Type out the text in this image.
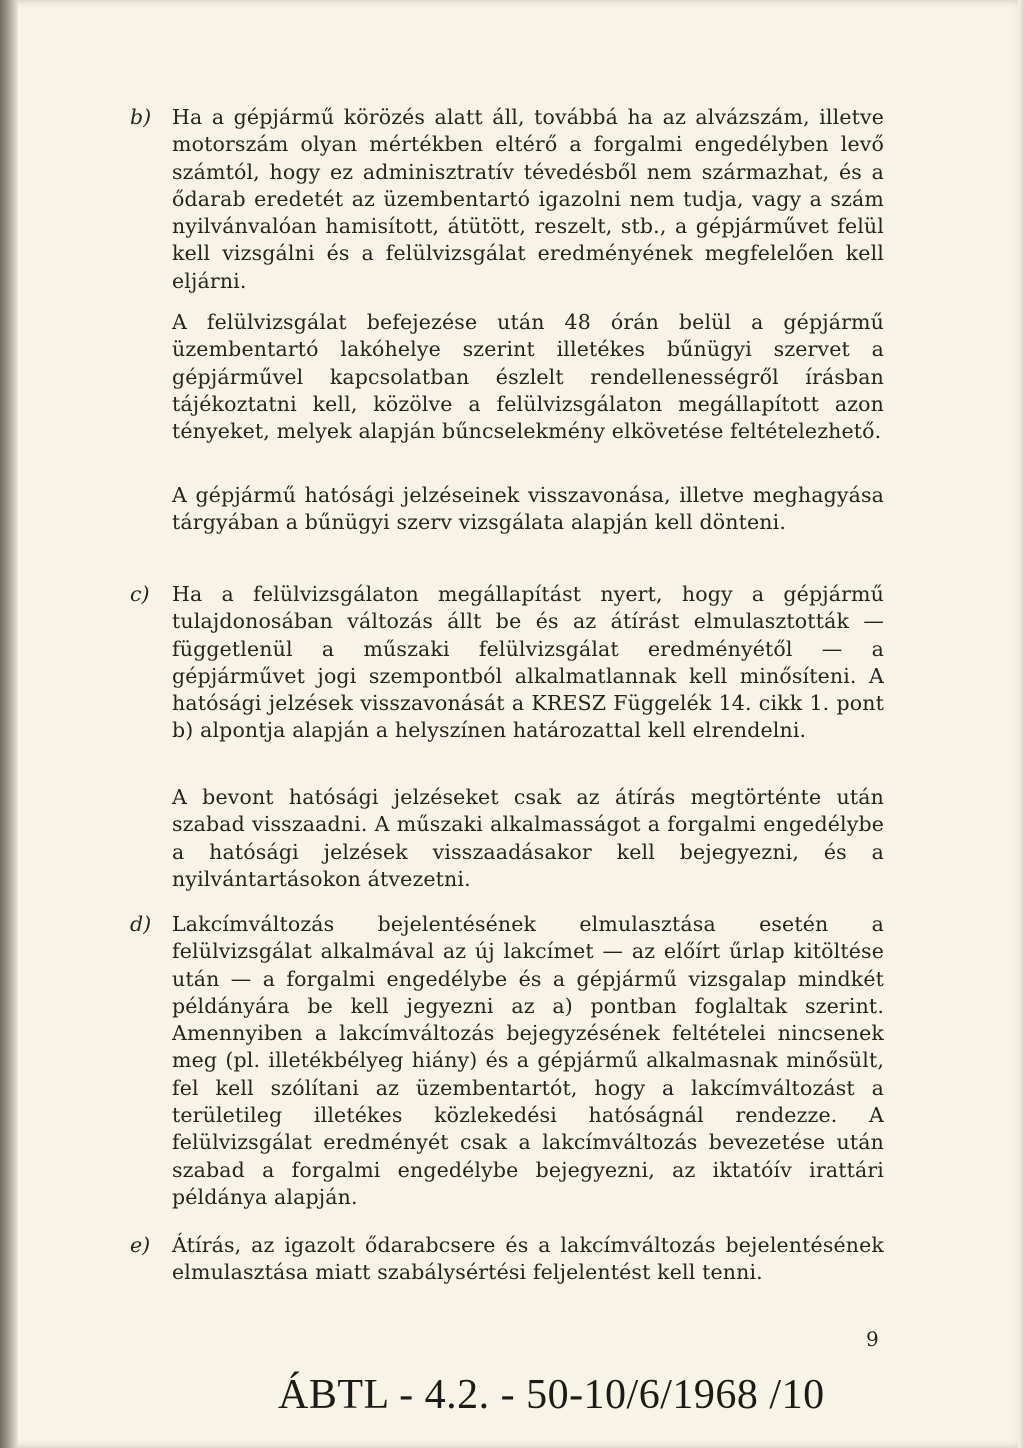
b) Ha a gépjármű körözés alatt áll, továbbá ha az alvázszám, illetve motorszám olyan mértékben eltérő a forgalmi engedélyben levő számtól, hogy ez adminisztratív tévedésből nem származhat, és a ődarab eredetét az üzembentartó igazolni nem tudja, vagy a szám nyilvánvalóan hamisított, átütött, reszelt, stb., a gépjárművet felül kell vizsgálni és a felülvizsgálat eredményének megfelelően kell eljárni.

A felülvizsgálat befejezése után 48 órán belül a gépjármű üzembentartó lakóhelye szerint illetékes bűnügyi szervet a gépjárművel kapcsolatban észlelt rendellenességről írásban tájékoztatni kell, közölve a felülvizsgálaton megállapított azon tényeket, melyek alapján bűncselekmény elkövetése feltételezhető.

A gépjármű hatósági jelzéseinek visszavonása, illetve meghagyása tárgyában a bűnügyi szerv vizsgálata alapján kell dönteni.

c) Ha a felülvizsgálaton megállapítást nyert, hogy a gépjármű tulajdonosában változás állt be és az átírást elmulasztották — függetlenül a műszaki felülvizsgálat eredményétől — a gépjárművet jogi szempontból alkalmatlannak kell minősíteni. A hatósági jelzések visszavonását a KRESZ Függelék 14. cikk 1. pont b) alpontja alapján a helyszínen határozattal kell elrendelni.

A bevont hatósági jelzéseket csak az átírás megtörténte után szabad visszaadni. A műszaki alkalmasságot a forgalmi engedélybe a hatósági jelzések visszaadásakor kell bejegyezni, és a nyilvántartásokon átvezetni.

d) Lakcímváltozás bejelentésének elmulasztása esetén a felülvizsgálat alkalmával az új lakcímet — az előírt űrlap kitöltése után — a forgalmi engedélybe és a gépjármű vizsgalap mindkét példányára be kell jegyezni az a) pontban foglaltak szerint. Amennyiben a lakcímváltozás bejegyzésének feltételei nincsenek meg (pl. illetékbélyeg hiány) és a gépjármű alkalmasnak minősült, fel kell szólítani az üzembentartót, hogy a lakcímváltozást a területileg illetékes közlekedési hatóságnál rendezze. A felülvizsgálat eredményét csak a lakcímváltozás bevezetése után szabad a forgalmi engedélybe bejegyezni, az iktatóív irattári példánya alapján.

e) Átírás, az igazolt ődarabcsere és a lakcímváltozás bejelentésének elmulasztása miatt szabálysértési feljelentést kell tenni.

9
ÁBTL - 4.2. - 50-10/6/1968 /10
